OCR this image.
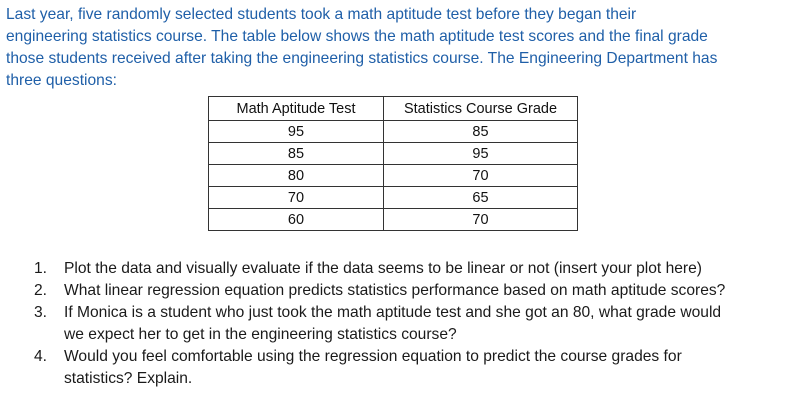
Last year, five randomly selected students took a math aptitude test before they began their
engineering statistics course. The table below shows the math aptitude test scores and the final grade
those students received after taking the engineering statistics course. The Engineering Department has
three questions:
Math Aptitude Test	Statistics Course Grade
95	85
85	95
80	70
70	65
60	70
1. Plot the data and visually evaluate if the data seems to be linear or not (insert your plot here)
2. What linear regression equation predicts statistics performance based on math aptitude scores?
3. If Monica is a student who just took the math aptitude test and she got an 80, what grade would
we expect her to get in the engineering statistics course?
4. Would you feel comfortable using the regression equation to predict the course grades for
statistics? Explain.
